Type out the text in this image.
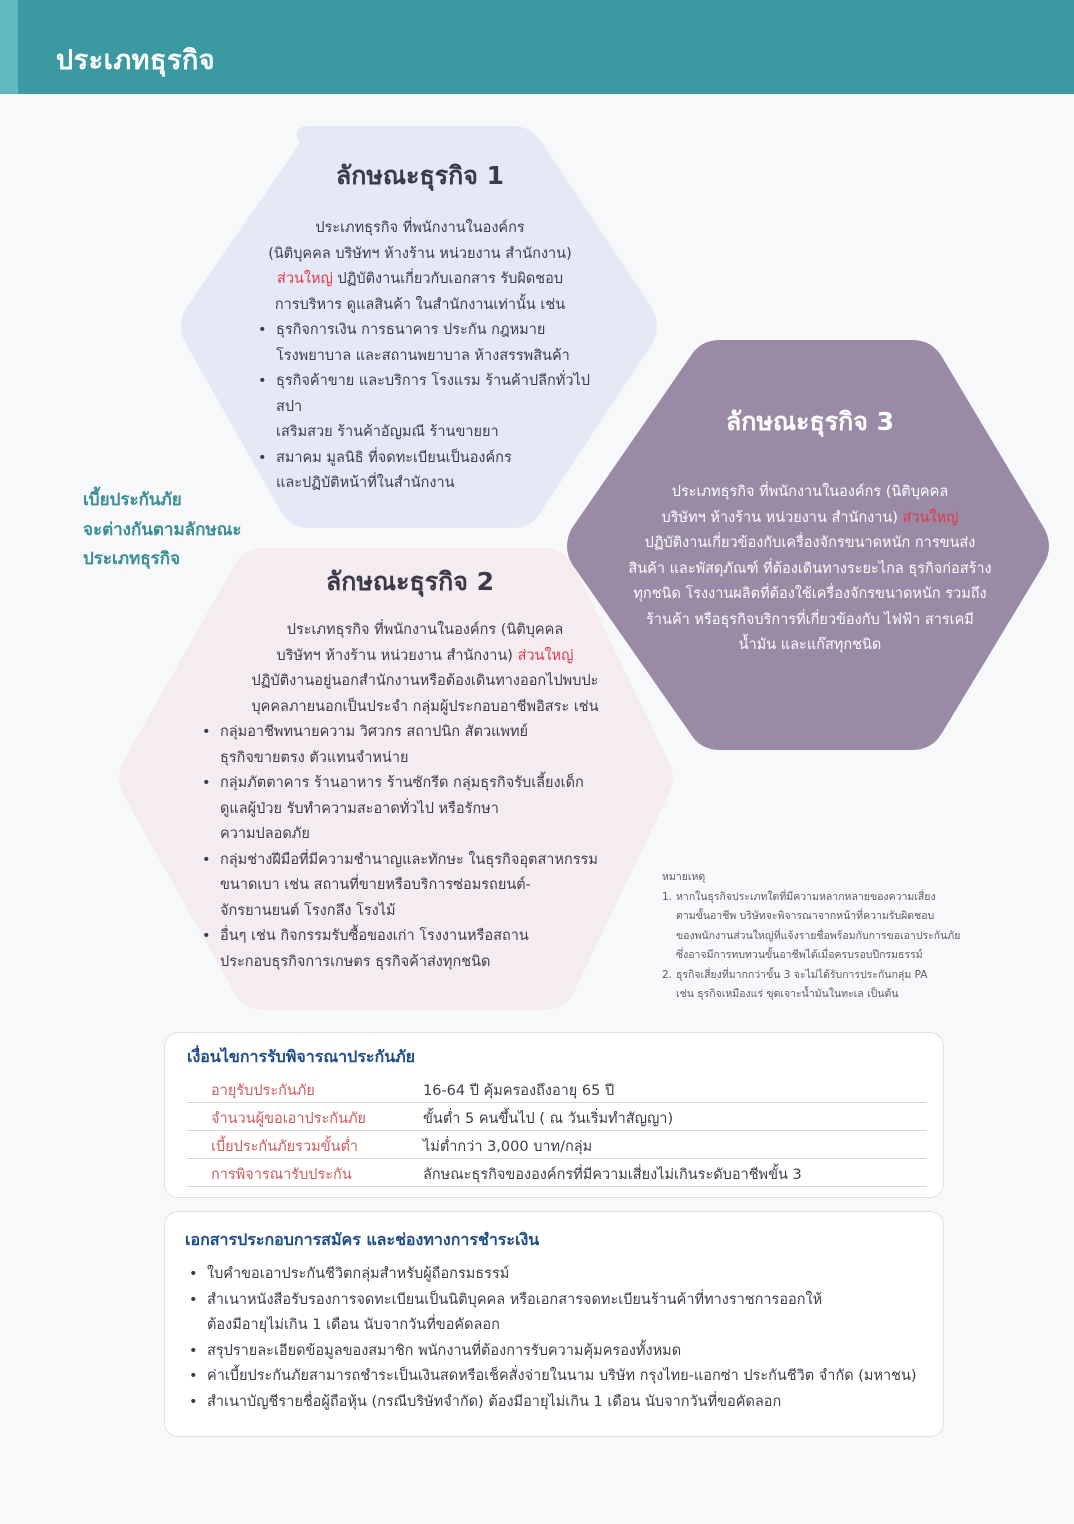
ประเภทธุรกิจ
ลักษณะธุรกิจ 1
ประเภทธุรกิจ ที่พนักงานในองค์กร
(นิติบุคคล บริษัทฯ ห้างร้าน หน่วยงาน สำนักงาน)
ส่วนใหญ่ ปฏิบัติงานเกี่ยวกับเอกสาร รับผิดชอบ
การบริหาร ดูแลสินค้า ในสำนักงานเท่านั้น เช่น
• ธุรกิจการเงิน การธนาคาร ประกัน กฎหมาย
โรงพยาบาล และสถานพยาบาล ห้างสรรพสินค้า
• ธุรกิจค้าขาย และบริการ โรงแรม ร้านค้าปลีกทั่วไป สปา
เสริมสวย ร้านค้าอัญมณี ร้านขายยา
• สมาคม มูลนิธิ ที่จดทะเบียนเป็นองค์กร
และปฏิบัติหน้าที่ในสำนักงาน
เบี้ยประกันภัย
จะต่างกันตามลักษณะ
ประเภทธุรกิจ
ลักษณะธุรกิจ 2
ประเภทธุรกิจ ที่พนักงานในองค์กร (นิติบุคคล
บริษัทฯ ห้างร้าน หน่วยงาน สำนักงาน) ส่วนใหญ่
ปฏิบัติงานอยู่นอกสำนักงานหรือต้องเดินทางออกไปพบปะ
บุคคลภายนอกเป็นประจำ กลุ่มผู้ประกอบอาชีพอิสระ เช่น
• กลุ่มอาชีพทนายความ วิศวกร สถาปนิก สัตวแพทย์
ธุรกิจขายตรง ตัวแทนจำหน่าย
• กลุ่มภัตตาคาร ร้านอาหาร ร้านซักรีด กลุ่มธุรกิจรับเลี้ยงเด็ก
ดูแลผู้ป่วย รับทำความสะอาดทั่วไป หรือรักษา
ความปลอดภัย
• กลุ่มช่างฝีมือที่มีความชำนาญและทักษะ ในธุรกิจอุตสาหกรรม
ขนาดเบา เช่น สถานที่ขายหรือบริการซ่อมรถยนต์-
จักรยานยนต์ โรงกลึง โรงไม้
• อื่นๆ เช่น กิจกรรมรับซื้อของเก่า โรงงานหรือสถาน
ประกอบธุรกิจการเกษตร ธุรกิจค้าส่งทุกชนิด
ลักษณะธุรกิจ 3
ประเภทธุรกิจ ที่พนักงานในองค์กร (นิติบุคคล
บริษัทฯ ห้างร้าน หน่วยงาน สำนักงาน) ส่วนใหญ่
ปฏิบัติงานเกี่ยวข้องกับเครื่องจักรขนาดหนัก การขนส่ง
สินค้า และพัสดุภัณฑ์ ที่ต้องเดินทางระยะไกล ธุรกิจก่อสร้าง
ทุกชนิด โรงงานผลิตที่ต้องใช้เครื่องจักรขนาดหนัก รวมถึง
ร้านค้า หรือธุรกิจบริการที่เกี่ยวข้องกับ ไฟฟ้า สารเคมี
น้ำมัน และแก๊สทุกชนิด
หมายเหตุ
1. หากในธุรกิจประเภทใดที่มีความหลากหลายของความเสี่ยง
ตามขั้นอาชีพ บริษัทจะพิจารณาจากหน้าที่ความรับผิดชอบ
ของพนักงานส่วนใหญ่ที่แจ้งรายชื่อพร้อมกับการขอเอาประกันภัย
ซึ่งอาจมีการทบทวนขั้นอาชีพได้เมื่อครบรอบปีกรมธรรม์
2. ธุรกิจเสี่ยงที่มากกว่าขั้น 3 จะไม่ได้รับการประกันกลุ่ม PA
เช่น ธุรกิจเหมืองแร่ ขุดเจาะน้ำมันในทะเล เป็นต้น
เงื่อนไขการรับพิจารณาประกันภัย
อายุรับประกันภัย	16-64 ปี คุ้มครองถึงอายุ 65 ปี
จำนวนผู้ขอเอาประกันภัย	ขั้นต่ำ 5 คนขึ้นไป ( ณ วันเริ่มทำสัญญา)
เบี้ยประกันภัยรวมขั้นต่ำ	ไม่ต่ำกว่า 3,000 บาท/กลุ่ม
การพิจารณารับประกัน	ลักษณะธุรกิจขององค์กรที่มีความเสี่ยงไม่เกินระดับอาชีพขั้น 3
เอกสารประกอบการสมัคร และช่องทางการชำระเงิน
• ใบคำขอเอาประกันชีวิตกลุ่มสำหรับผู้ถือกรมธรรม์
• สำเนาหนังสือรับรองการจดทะเบียนเป็นนิติบุคคล หรือเอกสารจดทะเบียนร้านค้าที่ทางราชการออกให้
ต้องมีอายุไม่เกิน 1 เดือน นับจากวันที่ขอคัดลอก
• สรุปรายละเอียดข้อมูลของสมาชิก พนักงานที่ต้องการรับความคุ้มครองทั้งหมด
• ค่าเบี้ยประกันภัยสามารถชำระเป็นเงินสดหรือเช็คสั่งจ่ายในนาม บริษัท กรุงไทย-แอกซ่า ประกันชีวิต จำกัด (มหาชน)
• สำเนาบัญชีรายชื่อผู้ถือหุ้น (กรณีบริษัทจำกัด) ต้องมีอายุไม่เกิน 1 เดือน นับจากวันที่ขอคัดลอก
